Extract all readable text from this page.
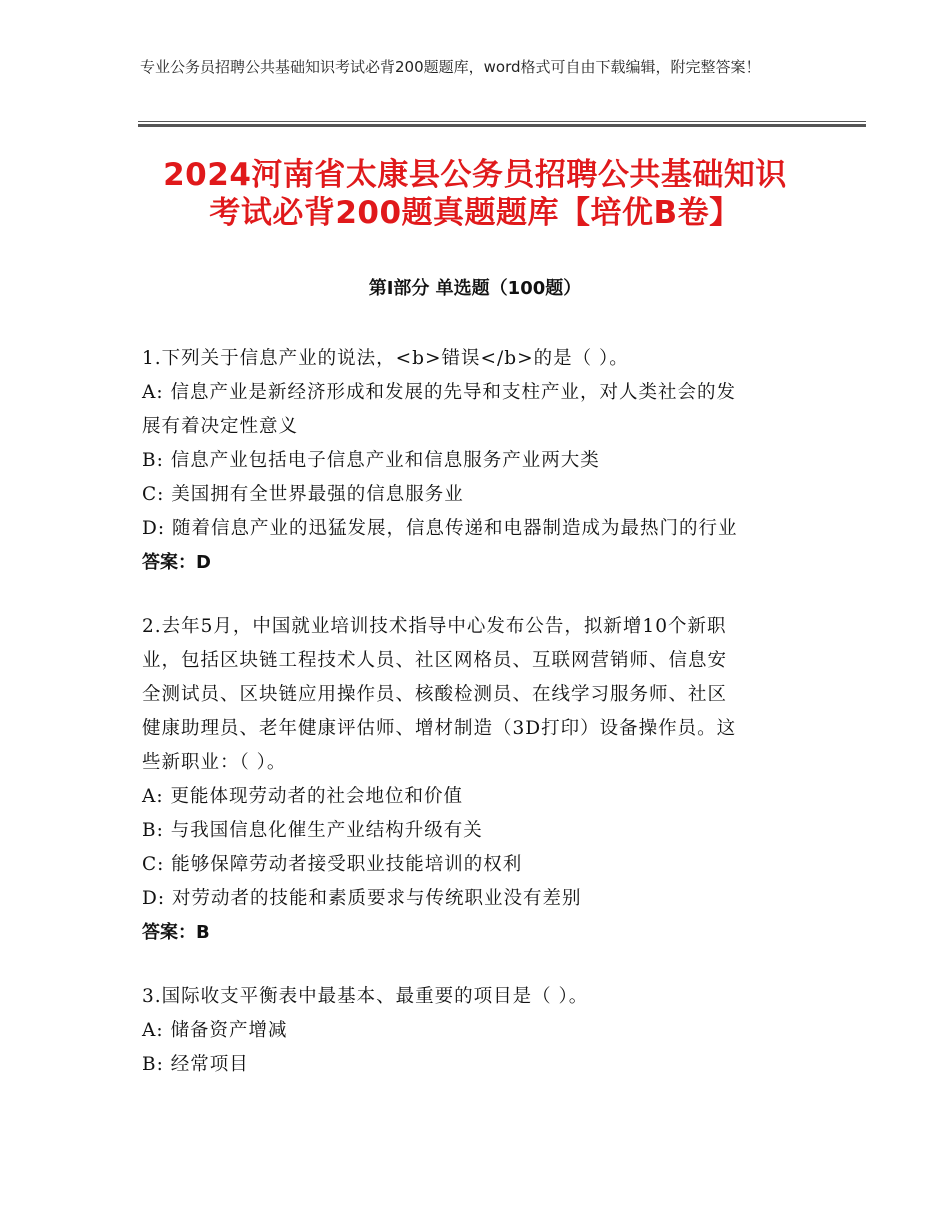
专业公务员招聘公共基础知识考试必背200题题库，word格式可自由下载编辑，附完整答案！
2024河南省太康县公务员招聘公共基础知识
考试必背200题真题题库【培优B卷】
第Ⅰ部分 单选题（100题）

1.下列关于信息产业的说法，<b>错误</b>的是（ ）。

A: 信息产业是新经济形成和发展的先导和支柱产业，对人类社会的发

展有着决定性意义

B: 信息产业包括电子信息产业和信息服务产业两大类

C: 美国拥有全世界最强的信息服务业

D: 随着信息产业的迅猛发展，信息传递和电器制造成为最热门的行业

答案：D

2.去年5月，中国就业培训技术指导中心发布公告，拟新增10个新职

业，包括区块链工程技术人员、社区网格员、互联网营销师、信息安

全测试员、区块链应用操作员、核酸检测员、在线学习服务师、社区

健康助理员、老年健康评估师、增材制造（3D打印）设备操作员。这

些新职业：（ ）。

A: 更能体现劳动者的社会地位和价值

B: 与我国信息化催生产业结构升级有关

C: 能够保障劳动者接受职业技能培训的权利

D: 对劳动者的技能和素质要求与传统职业没有差别

答案：B

3.国际收支平衡表中最基本、最重要的项目是（ ）。

A: 储备资产增减

B: 经常项目
